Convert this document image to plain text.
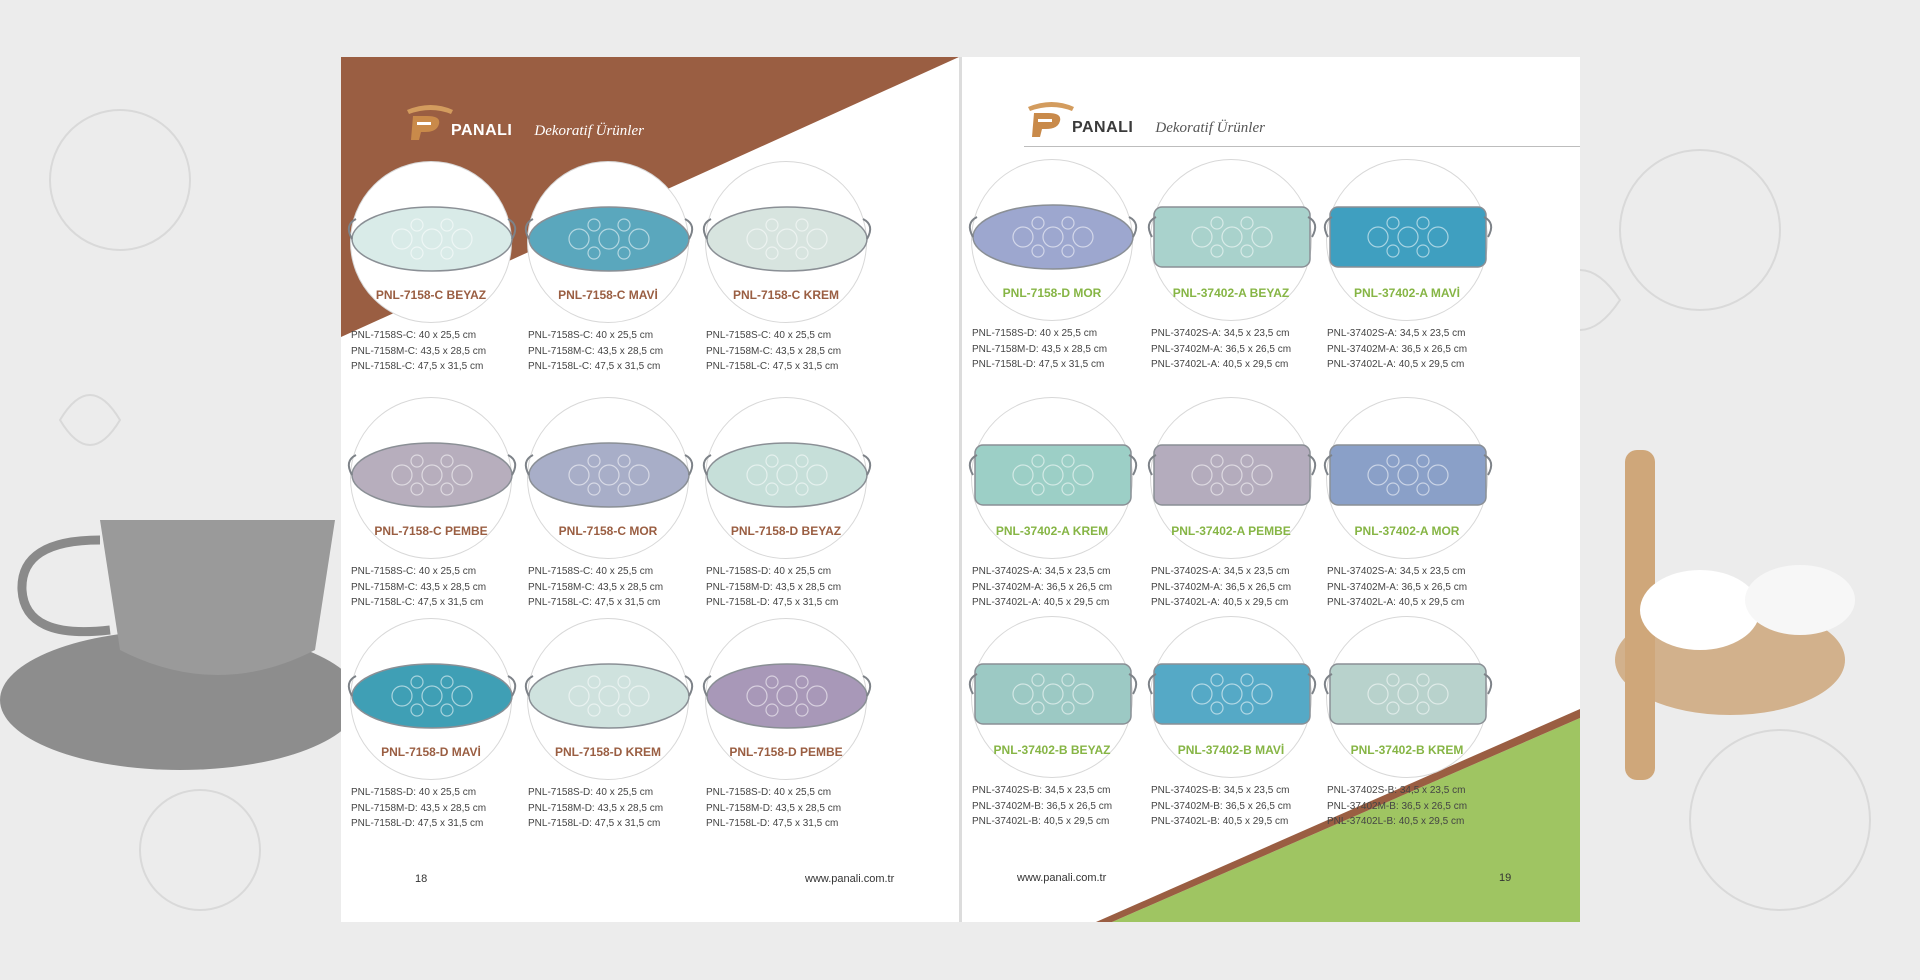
PANALI Dekoratif Ürünler
PNL-7158-C BEYAZ
PNL-7158S-C: 40 x 25,5 cm
PNL-7158M-C: 43,5 x 28,5 cm
PNL-7158L-C: 47,5 x 31,5 cm
PNL-7158-C MAVİ
PNL-7158S-C: 40 x 25,5 cm
PNL-7158M-C: 43,5 x 28,5 cm
PNL-7158L-C: 47,5 x 31,5 cm
PNL-7158-C KREM
PNL-7158S-C: 40 x 25,5 cm
PNL-7158M-C: 43,5 x 28,5 cm
PNL-7158L-C: 47,5 x 31,5 cm
PNL-7158-C PEMBE
PNL-7158S-C: 40 x 25,5 cm
PNL-7158M-C: 43,5 x 28,5 cm
PNL-7158L-C: 47,5 x 31,5 cm
PNL-7158-C MOR
PNL-7158S-C: 40 x 25,5 cm
PNL-7158M-C: 43,5 x 28,5 cm
PNL-7158L-C: 47,5 x 31,5 cm
PNL-7158-D BEYAZ
PNL-7158S-D: 40 x 25,5 cm
PNL-7158M-D: 43,5 x 28,5 cm
PNL-7158L-D: 47,5 x 31,5 cm
PNL-7158-D MAVİ
PNL-7158S-D: 40 x 25,5 cm
PNL-7158M-D: 43,5 x 28,5 cm
PNL-7158L-D: 47,5 x 31,5 cm
PNL-7158-D KREM
PNL-7158S-D: 40 x 25,5 cm
PNL-7158M-D: 43,5 x 28,5 cm
PNL-7158L-D: 47,5 x 31,5 cm
PNL-7158-D PEMBE
PNL-7158S-D: 40 x 25,5 cm
PNL-7158M-D: 43,5 x 28,5 cm
PNL-7158L-D: 47,5 x 31,5 cm
18	www.panali.com.tr
PANALI Dekoratif Ürünler
PNL-7158-D MOR
PNL-7158S-D: 40 x 25,5 cm
PNL-7158M-D: 43,5 x 28,5 cm
PNL-7158L-D: 47,5 x 31,5 cm
PNL-37402-A BEYAZ
PNL-37402S-A: 34,5 x 23,5 cm
PNL-37402M-A: 36,5 x 26,5 cm
PNL-37402L-A: 40,5 x 29,5 cm
PNL-37402-A MAVİ
PNL-37402S-A: 34,5 x 23,5 cm
PNL-37402M-A: 36,5 x 26,5 cm
PNL-37402L-A: 40,5 x 29,5 cm
PNL-37402-A KREM
PNL-37402S-A: 34,5 x 23,5 cm
PNL-37402M-A: 36,5 x 26,5 cm
PNL-37402L-A: 40,5 x 29,5 cm
PNL-37402-A PEMBE
PNL-37402S-A: 34,5 x 23,5 cm
PNL-37402M-A: 36,5 x 26,5 cm
PNL-37402L-A: 40,5 x 29,5 cm
PNL-37402-A MOR
PNL-37402S-A: 34,5 x 23,5 cm
PNL-37402M-A: 36,5 x 26,5 cm
PNL-37402L-A: 40,5 x 29,5 cm
PNL-37402-B BEYAZ
PNL-37402S-B: 34,5 x 23,5 cm
PNL-37402M-B: 36,5 x 26,5 cm
PNL-37402L-B: 40,5 x 29,5 cm
PNL-37402-B MAVİ
PNL-37402S-B: 34,5 x 23,5 cm
PNL-37402M-B: 36,5 x 26,5 cm
PNL-37402L-B: 40,5 x 29,5 cm
PNL-37402-B KREM
PNL-37402S-B: 34,5 x 23,5 cm
PNL-37402M-B: 36,5 x 26,5 cm
PNL-37402L-B: 40,5 x 29,5 cm
www.panali.com.tr	19
